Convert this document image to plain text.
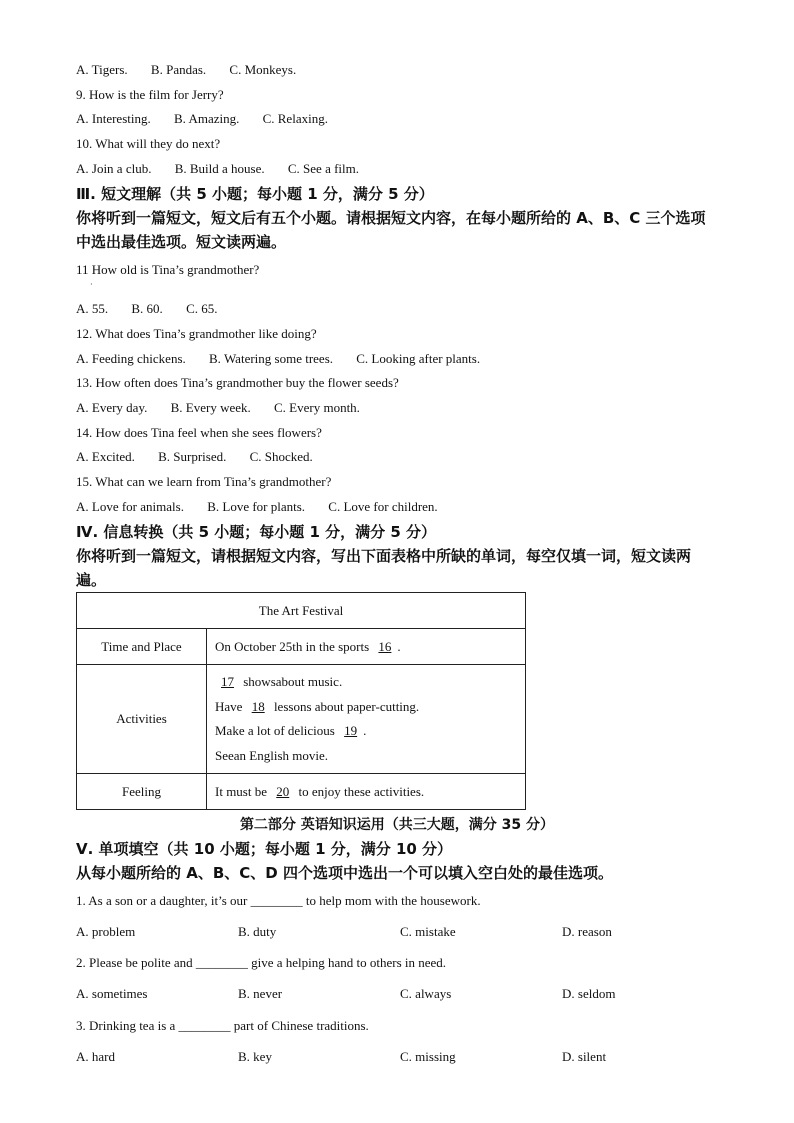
A. Tigers. B. Pandas. C. Monkeys.
9. How is the film for Jerry?
A. Interesting. B. Amazing. C. Relaxing.
10. What will they do next?
A. Join a club. B. Build a house. C. See a film.
Ⅲ. 短文理解（共 5 小题；每小题 1 分，满分 5 分）
你将听到一篇短文，短文后有五个小题。请根据短文内容，在每小题所给的 A、B、C 三个选项中选出最佳选项。短文读两遍。
11 How old is Tina’s grandmother?
·
A. 55. B. 60. C. 65.
12. What does Tina’s grandmother like doing?
A. Feeding chickens. B. Watering some trees. C. Looking after plants.
13. How often does Tina’s grandmother buy the flower seeds?
A. Every day. B. Every week. C. Every month.
14. How does Tina feel when she sees flowers?
A. Excited. B. Surprised. C. Shocked.
15. What can we learn from Tina’s grandmother?
A. Love for animals. B. Love for plants. C. Love for children.
Ⅳ. 信息转换（共 5 小题；每小题 1 分，满分 5 分）
你将听到一篇短文，请根据短文内容，写出下面表格中所缺的单词，每空仅填一词，短文读两遍。
The Art Festival	
Time and Place	On October 25th in the sports 16 .
Activities	17 showsabout music.
Have 18 lessons about paper-cutting.
Make a lot of delicious 19 .
Seean English movie.

Feeling	It must be 20 to enjoy these activities.
第二部分 英语知识运用（共三大题，满分 35 分）
Ⅴ. 单项填空（共 10 小题；每小题 1 分，满分 10 分）
从每小题所给的 A、B、C、D 四个选项中选出一个可以填入空白处的最佳选项。
1. As a son or a daughter, it’s our ________ to help mom with the housework.
A. problem	B. duty	C. mistake	D. reason
2. Please be polite and ________ give a helping hand to others in need.
A. sometimes	B. never	C. always	D. seldom
3. Drinking tea is a ________ part of Chinese traditions.
A. hard	B. key	C. missing	D. silent
